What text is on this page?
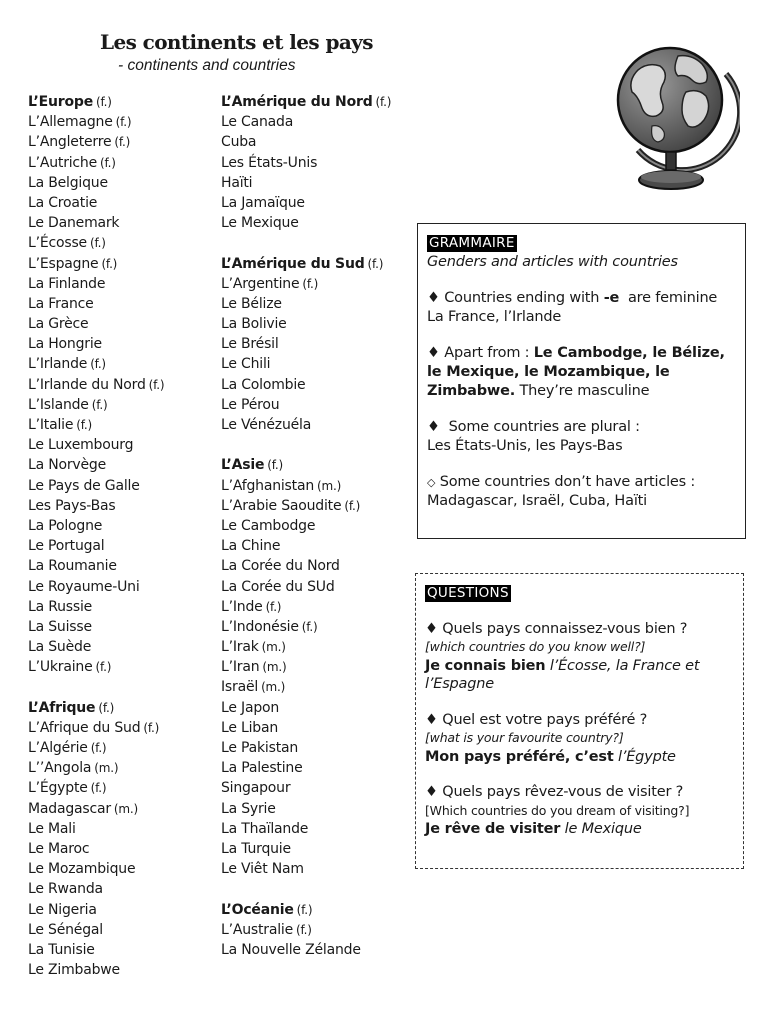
Les continents et les pays
- continents and countries
L’Europe (f.)
L’Allemagne (f.)
L’Angleterre (f.)
L’Autriche (f.)
La Belgique
La Croatie
Le Danemark
L’Écosse (f.)
L’Espagne (f.)
La Finlande
La France
La Grèce
La Hongrie
L’Irlande (f.)
L’Irlande du Nord (f.)
L’Islande (f.)
L’Italie (f.)
Le Luxembourg
La Norvège
Le Pays de Galle
Les Pays-Bas
La Pologne
Le Portugal
La Roumanie
Le Royaume-Uni
La Russie
La Suisse
La Suède
L’Ukraine (f.)
L’Afrique (f.)
L’Afrique du Sud (f.)
L’Algérie (f.)
L’’Angola (m.)
L’Égypte (f.)
Madagascar (m.)
Le Mali
Le Maroc
Le Mozambique
Le Rwanda
Le Nigeria
Le Sénégal
La Tunisie
Le Zimbabwe
L’Amérique du Nord (f.)
Le Canada
Cuba
Les États-Unis
Haïti
La Jamaïque
Le Mexique
L’Amérique du Sud (f.)
L’Argentine (f.)
Le Bélize
La Bolivie
Le Brésil
Le Chili
La Colombie
Le Pérou
Le Vénézuéla
L’Asie (f.)
L’Afghanistan (m.)
L’Arabie Saoudite (f.)
Le Cambodge
La Chine
La Corée du Nord
La Corée du SUd
L’Inde (f.)
L’Indonésie (f.)
L’Irak (m.)
L’Iran (m.)
Israël (m.)
Le Japon
Le Liban
Le Pakistan
La Palestine
Singapour
La Syrie
La Thaïlande
La Turquie
Le Viêt Nam
L’Océanie (f.)
L’Australie (f.)
La Nouvelle Zélande
GRAMMAIRE
Genders and articles with countries
♦ Countries ending with -e are feminine
La France, l’Irlande
♦ Apart from : Le Cambodge, le Bélize, le Mexique, le Mozambique, le Zimbabwe. They’re masculine
♦ Some countries are plural :
Les États-Unis, les Pays-Bas
◇ Some countries don’t have articles :
Madagascar, Israël, Cuba, Haïti
QUESTIONS
♦ Quels pays connaissez-vous bien ?
[which countries do you know well?]
Je connais bien l’Écosse, la France et l’Espagne
♦ Quel est votre pays préféré ?
[what is your favourite country?]
Mon pays préféré, c’est l’Égypte
♦ Quels pays rêvez-vous de visiter ?
[Which countries do you dream of visiting?]
Je rêve de visiter le Mexique
